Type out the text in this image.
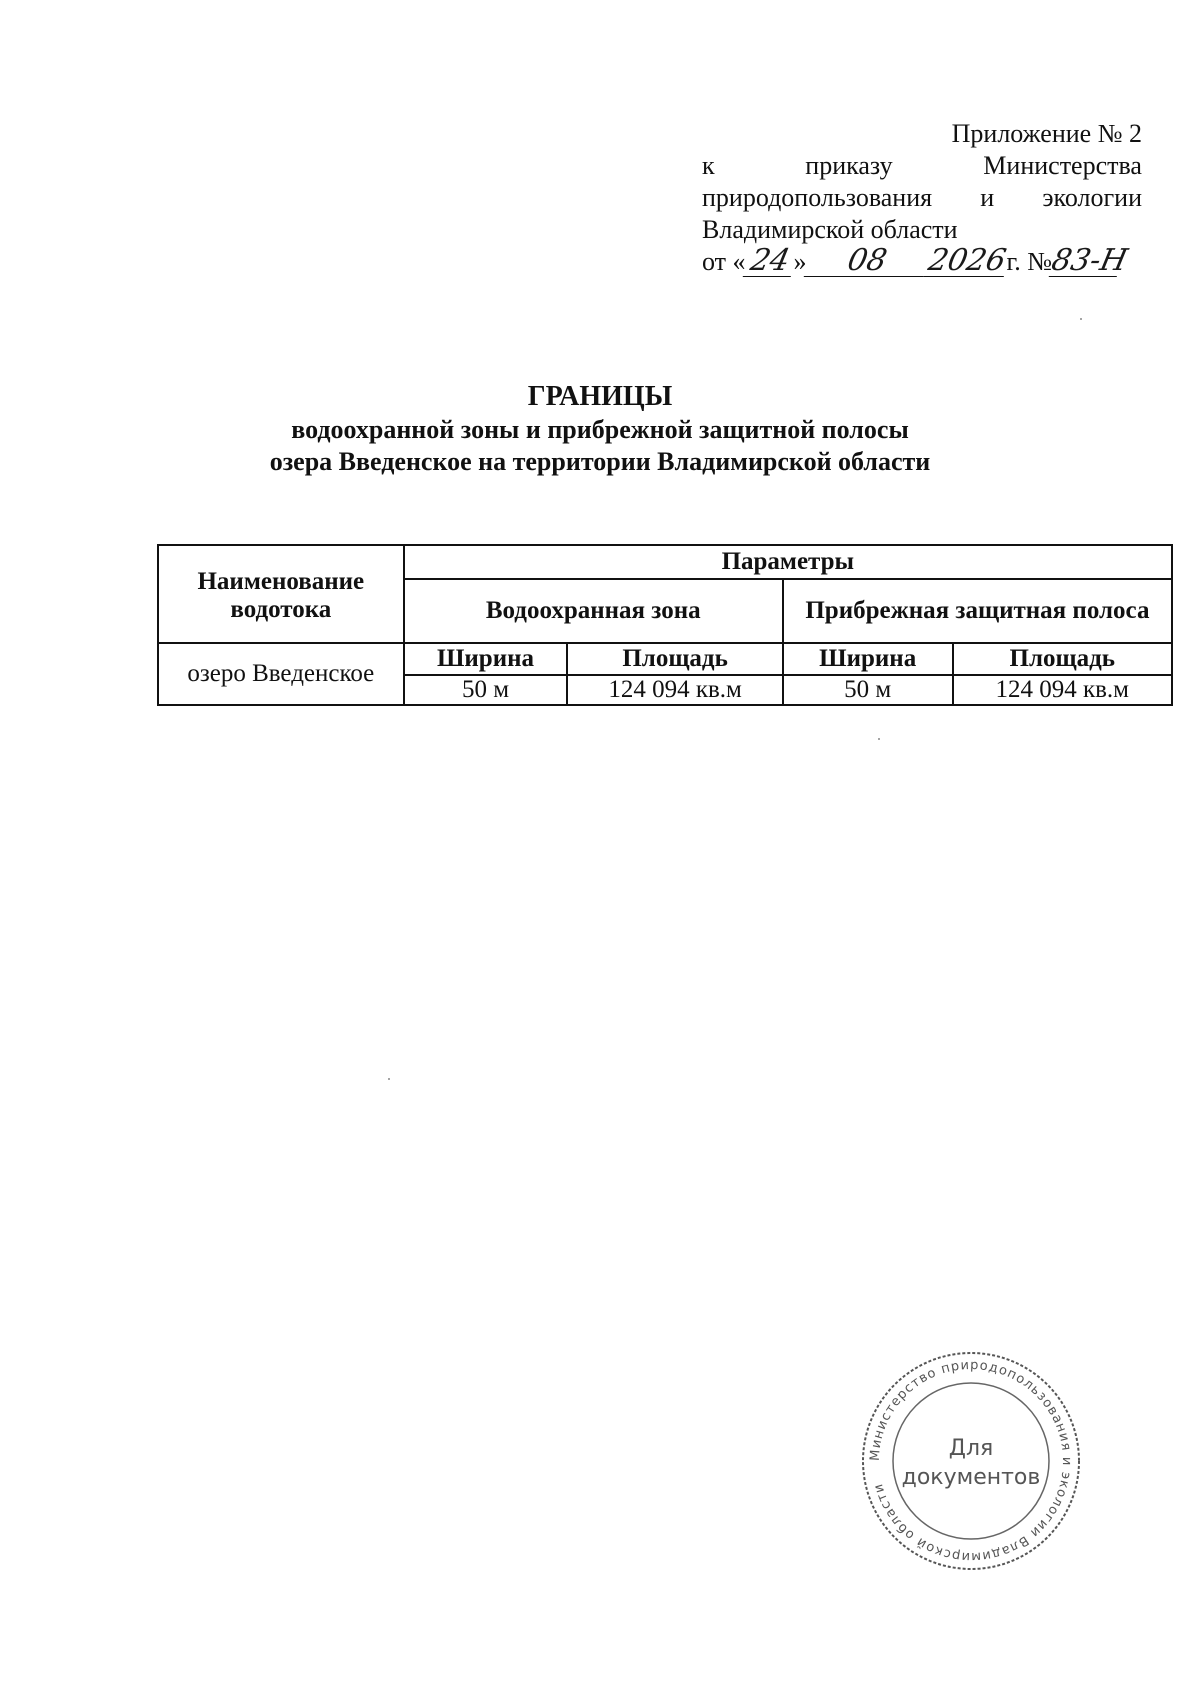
Приложение № 2
к	приказу	Министерства
природопользования и экологии
Владимирской области
от «24» 08 2026г. №83-Н
ГРАНИЦЫ
водоохранной зоны и прибрежной защитной полосы
озера Введенское на территории Владимирской области
Наименование водотока	Параметры			
	Водоохранная зона		Прибрежная защитная полоса	
озеро Введенское	Ширина	Площадь	Ширина	Площадь
	50 м	124 094 кв.м	50 м	124 094 кв.м
Министерство природопользования и экологии Владимирской области
Для
документов
